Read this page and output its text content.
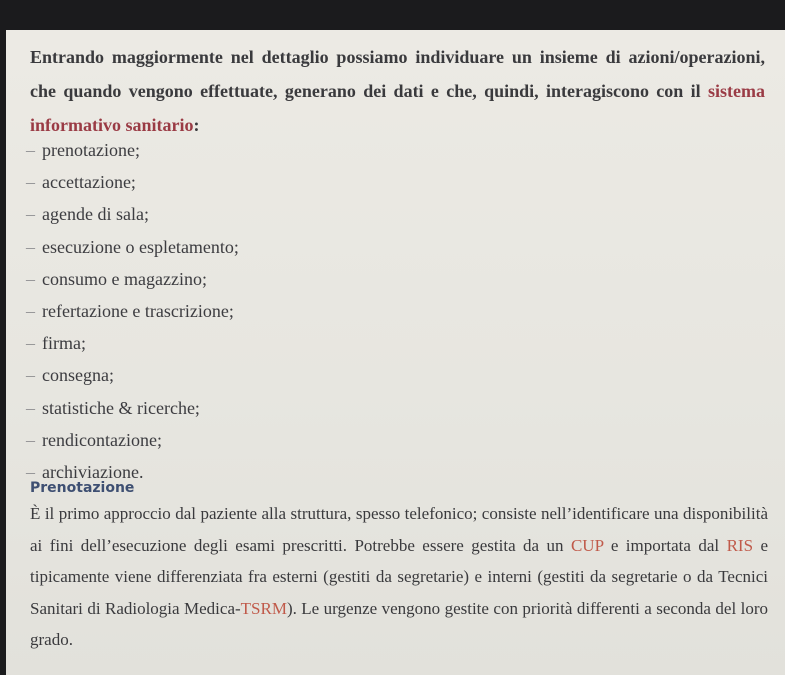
Entrando maggiormente nel dettaglio possiamo individuare un insieme di azioni/operazioni, che quando vengono effettuate, generano dei dati e che, quindi, interagiscono con il sistema informativo sanitario:

– prenotazione;
– accettazione;
– agende di sala;
– esecuzione o espletamento;
– consumo e magazzino;
– refertazione e trascrizione;
– firma;
– consegna;
– statistiche & ricerche;
– rendicontazione;
– archiviazione.
Prenotazione

È il primo approccio dal paziente alla struttura, spesso telefonico; consiste nell’identificare una disponibilità ai fini dell’esecuzione degli esami prescritti. Potrebbe essere gestita da un CUP e importata dal RIS e tipicamente viene differenziata fra esterni (gestiti da segretarie) e interni (gestiti da segretarie o da Tecnici Sanitari di Radiologia Medica-TSRM). Le urgenze vengono gestite con priorità differenti a seconda del loro grado.
